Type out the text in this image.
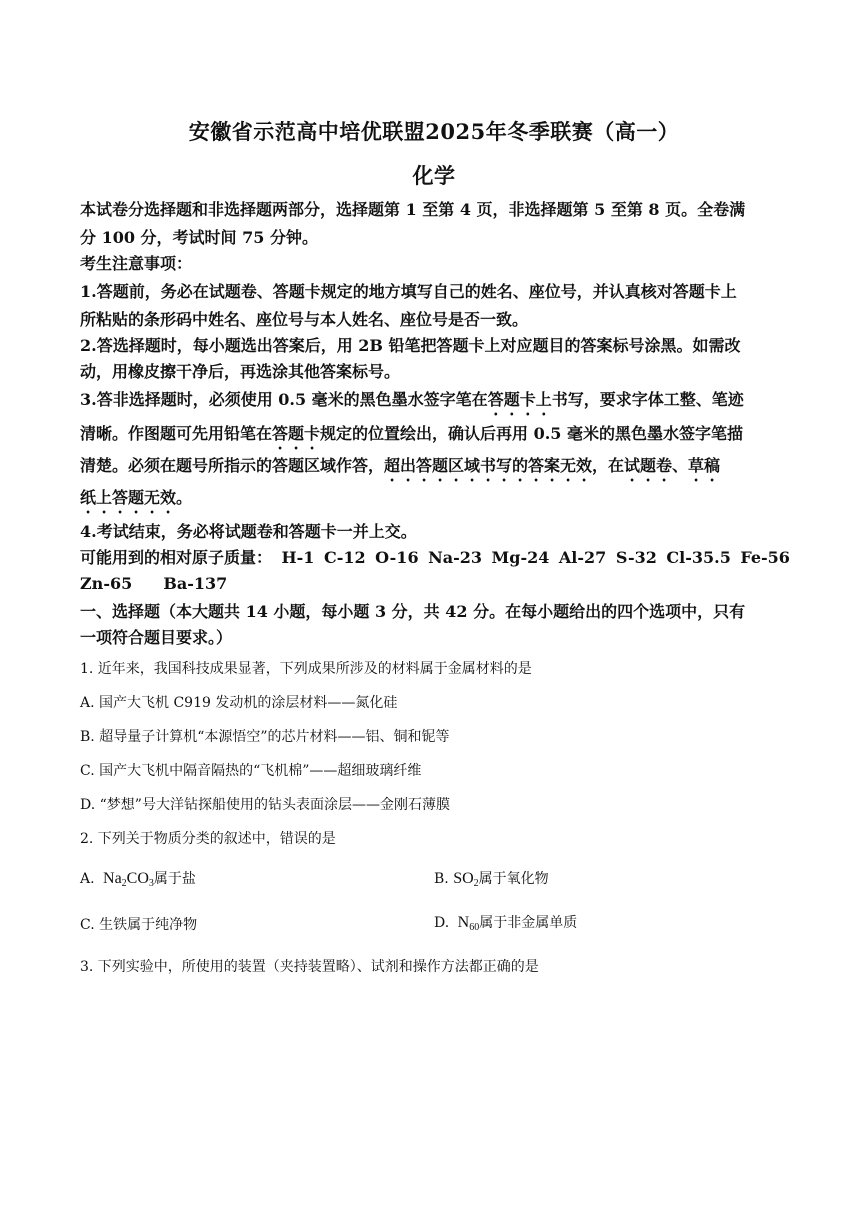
安徽省示范高中培优联盟2025年冬季联赛（高一）
化学
本试卷分选择题和非选择题两部分，选择题第 1 至第 4 页，非选择题第 5 至第 8 页。全卷满
分 100 分，考试时间 75 分钟。
考生注意事项：
1.答题前，务必在试题卷、答题卡规定的地方填写自己的姓名、座位号，并认真核对答题卡上
所粘贴的条形码中姓名、座位号与本人姓名、座位号是否一致。
2.答选择题时，每小题选出答案后，用 2B 铅笔把答题卡上对应题目的答案标号涂黑。如需改
动，用橡皮擦干净后，再选涂其他答案标号。
3.答非选择题时，必须使用 0.5 毫米的黑色墨水签字笔在答题卡上书写，要求字体工整、笔迹
清晰。作图题可先用铅笔在答题卡规定的位置绘出，确认后再用 0.5 毫米的黑色墨水签字笔描
清楚。必须在题号所指示的答题区域作答，超出答题区域书写的答案无效，在试题卷、草稿
纸上答题无效。
4.考试结束，务必将试题卷和答题卡一并上交。
可能用到的相对原子质量： H-1 C-12 O-16 Na-23 Mg-24 Al-27 S-32 Cl-35.5 Fe-56
Zn-65 Ba-137
一、选择题（本大题共 14 小题，每小题 3 分，共 42 分。在每小题给出的四个选项中，只有
一项符合题目要求。）
1. 近年来，我国科技成果显著，下列成果所涉及的材料属于金属材料的是
A. 国产大飞机 C919 发动机的涂层材料——氮化硅
B. 超导量子计算机“本源悟空”的芯片材料——铝、铜和铌等
C. 国产大飞机中隔音隔热的“飞机棉”——超细玻璃纤维
D. “梦想”号大洋钻探船使用的钻头表面涂层——金刚石薄膜
2. 下列关于物质分类的叙述中，错误的是
A.  $Na_2CO_3$属于盐	B. $SO_2$属于氧化物
C. 生铁属于纯净物	D.  $N_{60}$属于非金属单质
3. 下列实验中，所使用的装置（夹持装置略）、试剂和操作方法都正确的是
